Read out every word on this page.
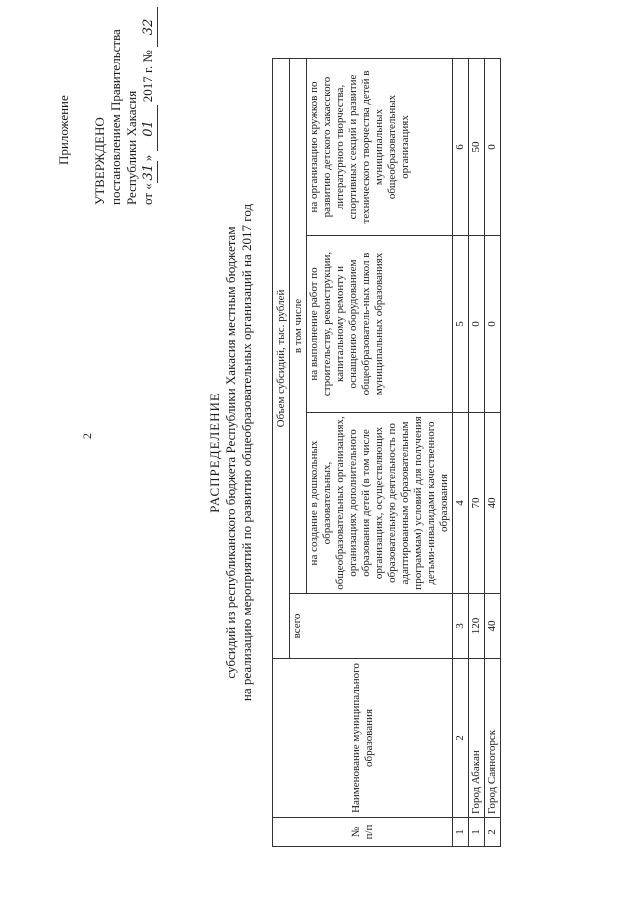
2
Приложение УТВЕРЖДЕНО постановлением Правительства Республики Хакасия от «31» 01 2017 г. № 32
РАСПРЕДЕЛЕНИЕ субсидий из республиканского бюджета Республики Хакасия местным бюджетам на реализацию мероприятий по развитию общеобразовательных организаций на 2017 год
№ п/п	Наименование муниципального образования	Объем субсидий, тыс. рублей			
		всего	в том числе		
			на создание в дошкольных образовательных, общеобразовательных организациях, организациях дополнительного образования детей (в том числе организациях, осуществляющих образовательную деятельность по адаптированным образовательным программам) условий для получения детьми-инвалидами качественного образования	на выполнение работ по строительству, реконструкции, капитальному ремонту и оснащению оборудованием общеобразователь-ных школ в муниципальных образованиях	на организацию кружков по развитию детского хакасского литературного творчества, спортивных секций и развитие технического творчества детей в муниципальных общеобразовательных организациях
1	2	3	4	5	6
1	Город Абакан	120	70	0	50
2	Город Саяногорск	40	40	0	0
